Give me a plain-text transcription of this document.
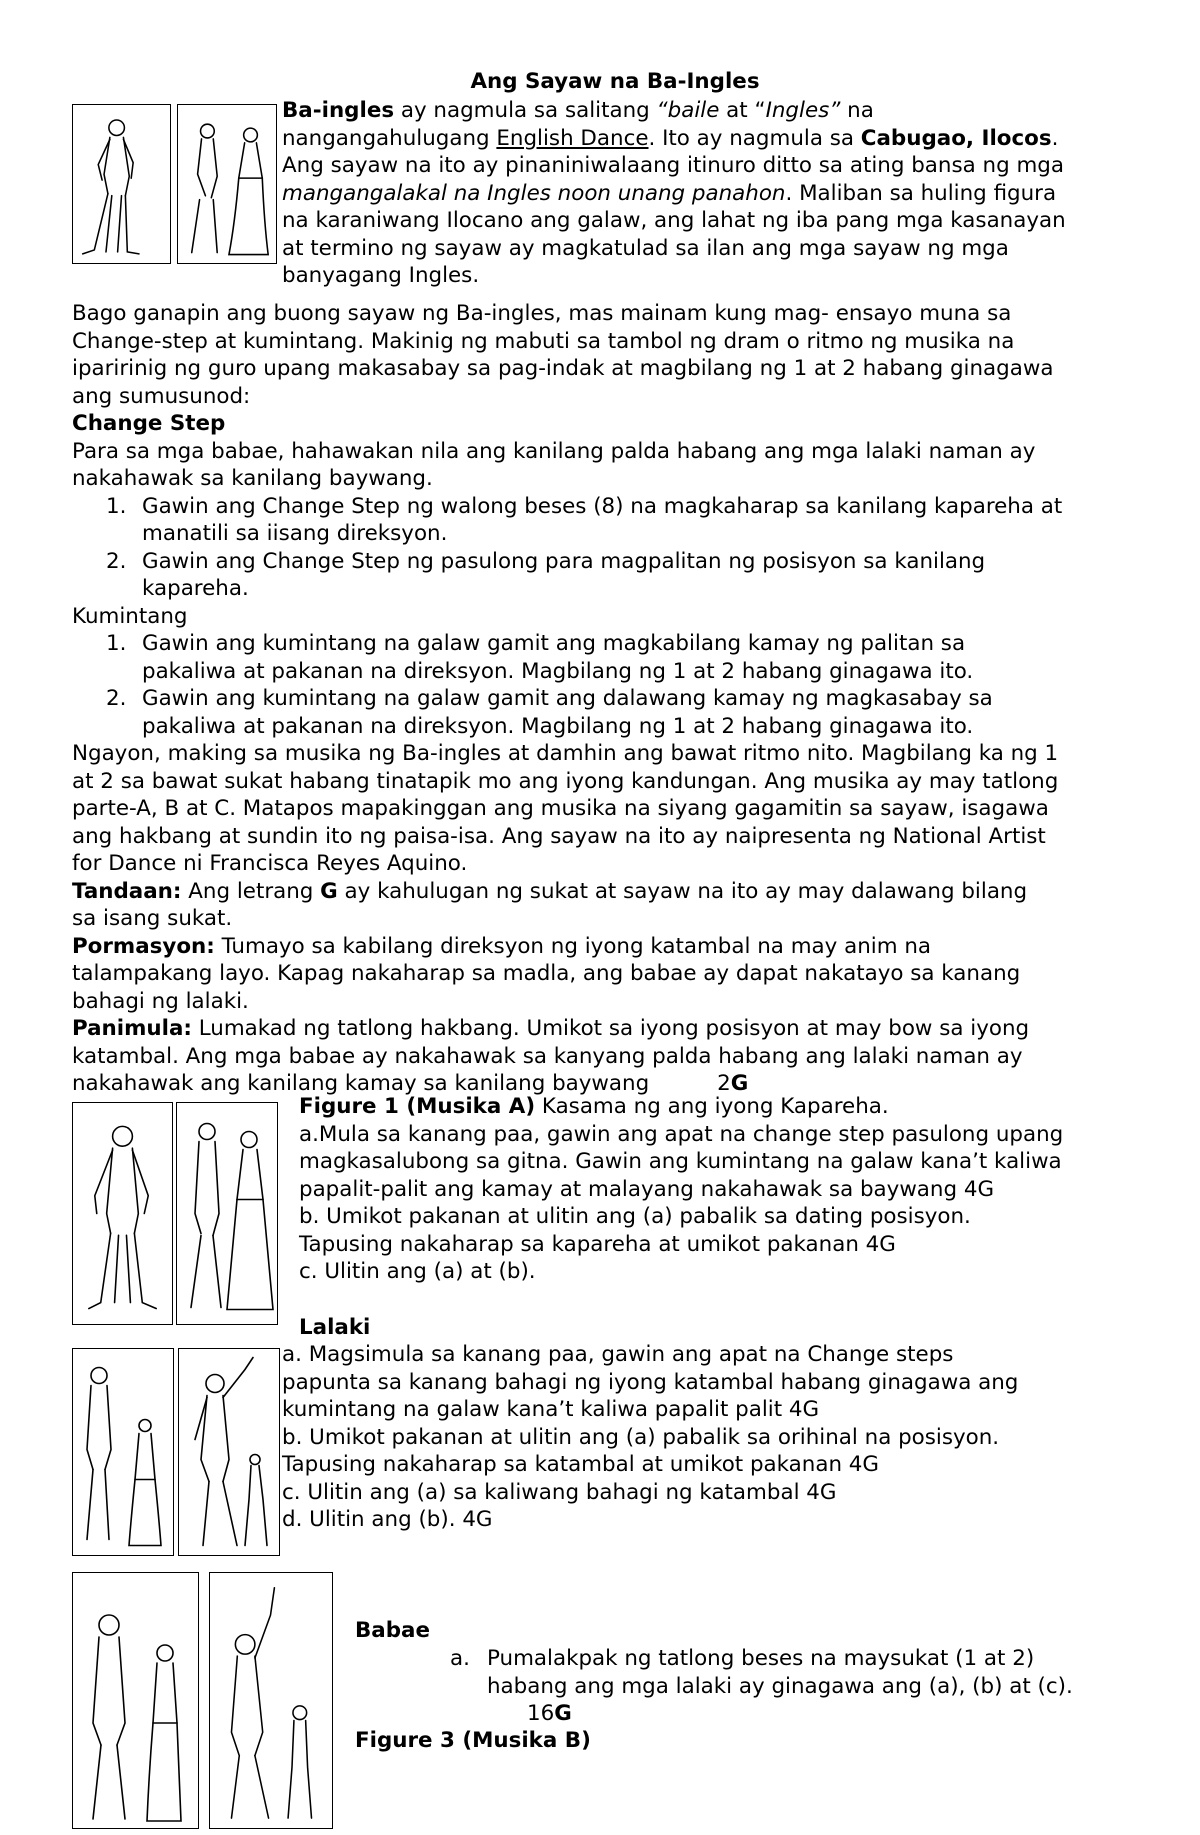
Ang Sayaw na Ba-Ingles
Ba-ingles ay nagmula sa salitang “baile at “Ingles” na
nangangahulugang English Dance. Ito ay nagmula sa Cabugao, Ilocos.
Ang sayaw na ito ay pinaniniwalaang itinuro ditto sa ating bansa ng mga
mangangalakal na Ingles noon unang panahon. Maliban sa huling figura
na karaniwang Ilocano ang galaw, ang lahat ng iba pang mga kasanayan
at termino ng sayaw ay magkatulad sa ilan ang mga sayaw ng mga
banyagang Ingles.
Bago ganapin ang buong sayaw ng Ba-ingles, mas mainam kung mag- ensayo muna sa
Change-step at kumintang. Makinig ng mabuti sa tambol ng dram o ritmo ng musika na
iparirinig ng guro upang makasabay sa pag-indak at magbilang ng 1 at 2 habang ginagawa
ang sumusunod:
Change Step
Para sa mga babae, hahawakan nila ang kanilang palda habang ang mga lalaki naman ay
nakahawak sa kanilang baywang.
1. Gawin ang Change Step ng walong beses (8) na magkaharap sa kanilang kapareha at
manatili sa iisang direksyon.
2. Gawin ang Change Step ng pasulong para magpalitan ng posisyon sa kanilang
kapareha.
Kumintang
1. Gawin ang kumintang na galaw gamit ang magkabilang kamay ng palitan sa
pakaliwa at pakanan na direksyon. Magbilang ng 1 at 2 habang ginagawa ito.
2. Gawin ang kumintang na galaw gamit ang dalawang kamay ng magkasabay sa
pakaliwa at pakanan na direksyon. Magbilang ng 1 at 2 habang ginagawa ito.
Ngayon, making sa musika ng Ba-ingles at damhin ang bawat ritmo nito. Magbilang ka ng 1
at 2 sa bawat sukat habang tinatapik mo ang iyong kandungan. Ang musika ay may tatlong
parte-A, B at C. Matapos mapakinggan ang musika na siyang gagamitin sa sayaw, isagawa
ang hakbang at sundin ito ng paisa-isa. Ang sayaw na ito ay naipresenta ng National Artist
for Dance ni Francisca Reyes Aquino.
Tandaan: Ang letrang G ay kahulugan ng sukat at sayaw na ito ay may dalawang bilang
sa isang sukat.
Pormasyon: Tumayo sa kabilang direksyon ng iyong katambal na may anim na
talampakang layo. Kapag nakaharap sa madla, ang babae ay dapat nakatayo sa kanang
bahagi ng lalaki.
Panimula: Lumakad ng tatlong hakbang. Umikot sa iyong posisyon at may bow sa iyong
katambal. Ang mga babae ay nakahawak sa kanyang palda habang ang lalaki naman ay
nakahawak ang kanilang kamay sa kanilang baywang	2G
Figure 1 (Musika A) Kasama ng ang iyong Kapareha.
a.Mula sa kanang paa, gawin ang apat na change step pasulong upang
magkasalubong sa gitna. Gawin ang kumintang na galaw kana’t kaliwa
papalit-palit ang kamay at malayang nakahawak sa baywang 4G
b. Umikot pakanan at ulitin ang (a) pabalik sa dating posisyon.
Tapusing nakaharap sa kapareha at umikot pakanan 4G
c. Ulitin ang (a) at (b).
Lalaki
a. Magsimula sa kanang paa, gawin ang apat na Change steps
papunta sa kanang bahagi ng iyong katambal habang ginagawa ang
kumintang na galaw kana’t kaliwa papalit palit 4G
b. Umikot pakanan at ulitin ang (a) pabalik sa orihinal na posisyon.
Tapusing nakaharap sa katambal at umikot pakanan 4G
c. Ulitin ang (a) sa kaliwang bahagi ng katambal 4G
d. Ulitin ang (b). 4G
Babae
a. Pumalakpak ng tatlong beses na maysukat (1 at 2)
habang ang mga lalaki ay ginagawa ang (a), (b) at (c).
16G
Figure 3 (Musika B)
